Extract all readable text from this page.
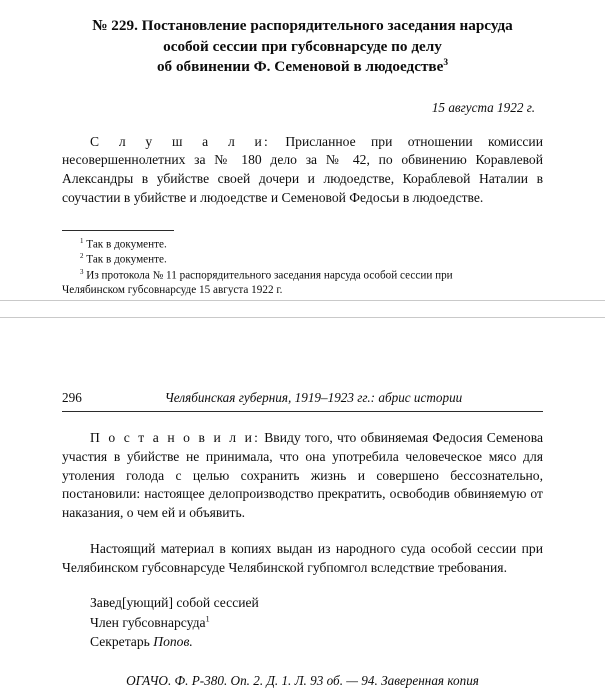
№ 229. Постановление распорядительного заседания нарсуда
особой сессии при губсовнарсуде по делу
об обвинении Ф. Семеновой в людоедстве$^3$
15 августа 1922 г.

С л у ш а л и: Присланное при отношении комиссии несовершеннолетних за № 180 дело за № 42, по обвинению Коравлевой Александры в убийстве своей дочери и людоедстве, Кораблевой Наталии в соучастии в убийстве и людоедстве и Семеновой Федосьи в людоедстве.

$^1$ Так в документе.
$^2$ Так в документе.
$^3$ Из протокола № 11 распорядительного заседания нарсуда особой сессии при
Челябинском губсовнарсуде 15 августа 1922 г.
296	Челябинская губерния, 1919–1923 гг.: абрис истории

П о с т а н о в и л и: Ввиду того, что обвиняемая Федосия Семенова участия в убийстве не принимала, что она употребила человеческое мясо для утоления голода с целью сохранить жизнь и совершено бессознательно, постановили: настоящее делопроизводство прекратить, освободив обвиняемую от наказания, о чем ей и объявить.

Настоящий материал в копиях выдан из народного суда особой сессии при Челябинском губсовнарсуде Челябинской губпомгол вследствие требования.

Завед[ующий] собой сессией
Член губсовнарсуда$^1$
Секретарь Попов.
ОГАЧО. Ф. Р-380. Оп. 2. Д. 1. Л. 93 об. — 94. Заверенная копия
